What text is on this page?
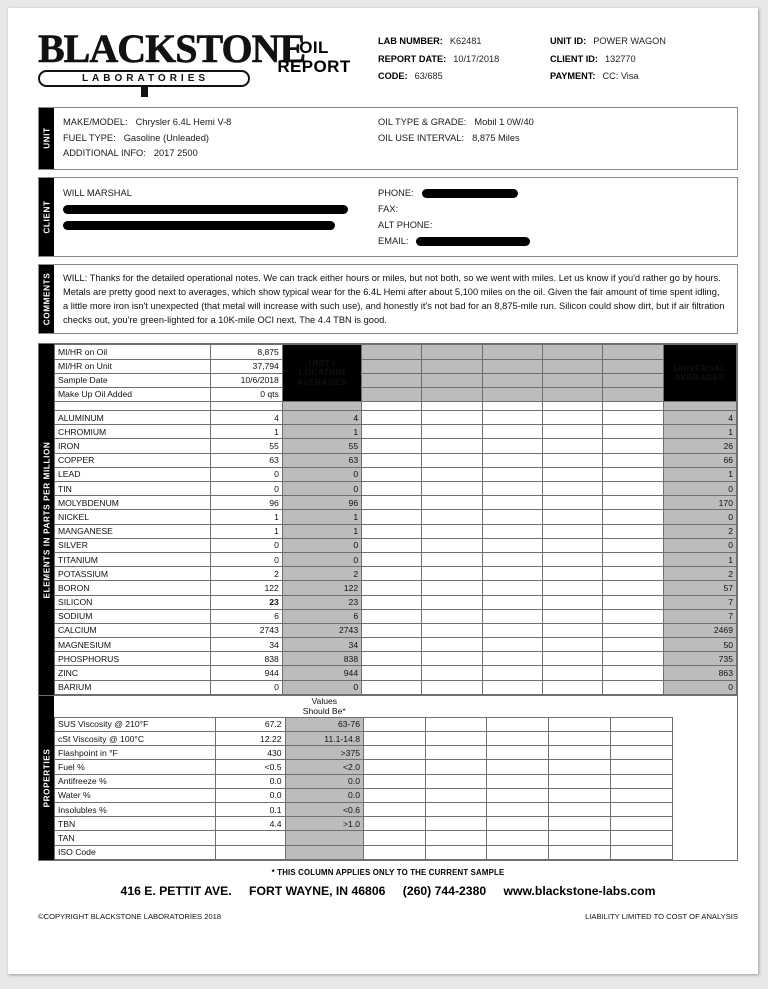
BLACKSTONE
LABORATORIES
OIL
REPORT
LAB NUMBER: K62481
REPORT DATE: 10/17/2018
CODE: 63/685
UNIT ID: POWER WAGON
CLIENT ID: 132770
PAYMENT: CC: Visa
UNIT
MAKE/MODEL: Chrysler 6.4L Hemi V-8
FUEL TYPE: Gasoline (Unleaded)
ADDITIONAL INFO: 2017 2500
OIL TYPE & GRADE: Mobil 1 0W/40
OIL USE INTERVAL: 8,875 Miles
CLIENT
WILL MARSHAL	PHONE:
FAX:
ALT PHONE:
EMAIL:
COMMENTS WILL: Thanks for the detailed operational notes. We can track either hours or miles, but not both, so we went with miles. Let us know if you'd rather go by hours. Metals are pretty good next to averages, which show typical wear for the 6.4L Hemi after about 5,100 miles on the oil. Given the fair amount of time spent idling, a little more iron isn't unexpected (that metal will increase with such use), and honestly it's not bad for an 8,875-mile run. Silicon could show dirt, but if air filtration checks out, you're green-lighted for a 10K-mile OCI next. The 4.4 TBN is good.
ELEMENTS IN PARTS PER MILLION
MI/HR on Oil	8,875	UNIT /
LOCATION
AVERAGES						UNIVERSAL
AVERAGES
MI/HR on Unit	37,794							
Sample Date	10/6/2018							
Make Up Oil Added	0 qts							

ALUMINUM	4	4						4
CHROMIUM	1	1						1
IRON	55	55						26
COPPER	63	63						66
LEAD	0	0						1
TIN	0	0						0
MOLYBDENUM	96	96						170
NICKEL	1	1						0
MANGANESE	1	1						2
SILVER	0	0						0
TITANIUM	0	0						1
POTASSIUM	2	2						2
BORON	122	122						57
SILICON	23	23						7
SODIUM	6	6						7
CALCIUM	2743	2743						2469
MAGNESIUM	34	34						50
PHOSPHORUS	838	838						735
ZINC	944	944						863
BARIUM	0	0						0
PROPERTIES
		Values
Should Be*						
SUS Viscosity @ 210°F	67.2	63-76						
cSt Viscosity @ 100°C	12.22	11.1-14.8						
Flashpoint in °F	430	>375						
Fuel %	<0.5	<2.0						
Antifreeze %	0.0	0.0						
Water %	0.0	0.0						
Insolubles %	0.1	<0.6						
TBN	4.4	>1.0						
TAN								
ISO Code								
* THIS COLUMN APPLIES ONLY TO THE CURRENT SAMPLE
416 E. PETTIT AVE. FORT WAYNE, IN 46806 (260) 744-2380 www.blackstone-labs.com
©COPYRIGHT BLACKSTONE LABORATORIES 2018	LIABILITY LIMITED TO COST OF ANALYSIS
